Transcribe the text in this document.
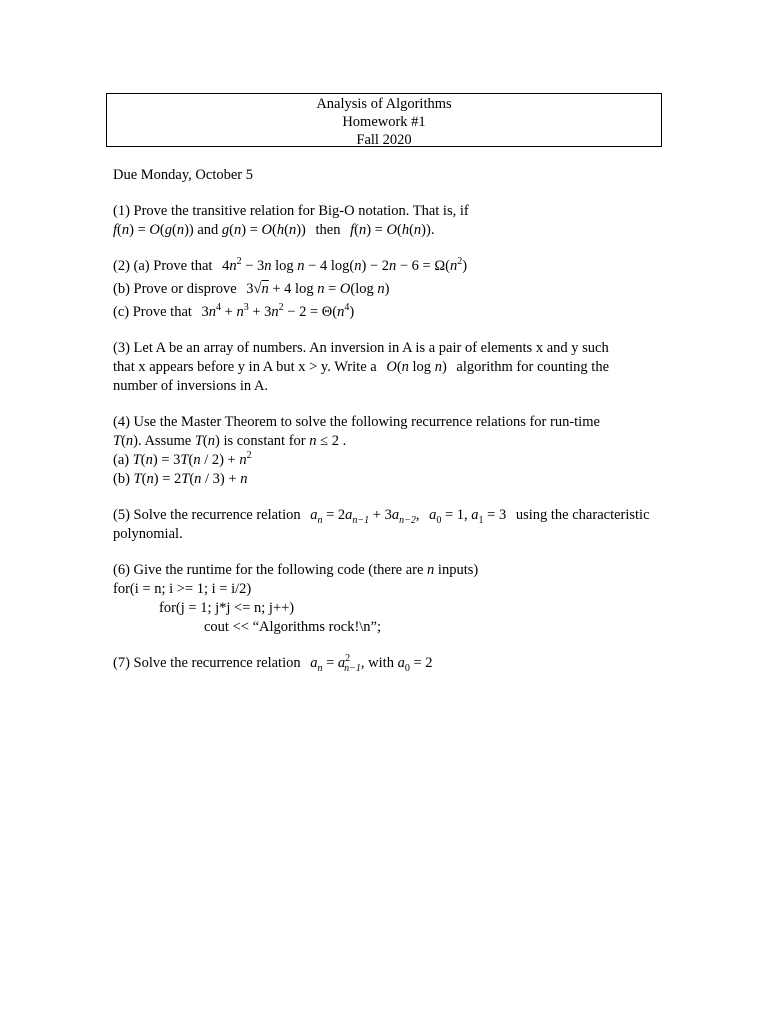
Analysis of Algorithms
Homework #1
Fall 2020
Due Monday, October 5
(1) Prove the transitive relation for Big-O notation. That is, if
f(n) = O(g(n)) and g(n) = O(h(n)) then f(n) = O(h(n)).
(2) (a) Prove that $4n^2 - 3n$ log n − 4 $\log(n) - 2n - 6 = \Omega(n^2)$
(b) Prove or disprove 3√n + 4 log n = O(log n)
(c) Prove that $3n^4 + n^3 + 3n^2 - 2 = \Theta(n^4)$
(3) Let A be an array of numbers. An inversion in A is a pair of elements x and y such
that x appears before y in A but x > y. Write a O(n log n) algorithm for counting the
number of inversions in A.
(4) Use the Master Theorem to solve the following recurrence relations for run-time
T(n). Assume T(n) is constant for n ≤ 2 .
(a) $T(n) = 3T(n / 2) + n^2$
(b) T(n) = 2T(n / 3) + n
(5) Solve the recurrence relation $a_n = 2a_{n-1} + 3a_{n-2}$, $a_0 = 1$, $a_1 = 3$ using the characteristic
polynomial.
(6) Give the runtime for the following code (there are n inputs)
for(i = n; i >= 1; i = i/2)
for(j = 1; j*j <= n; j++)
cout << “Algorithms rock!\n”;
(7) Solve the recurrence relation $a_n = a^2_{n-1}$, with $a_0 = 2$
